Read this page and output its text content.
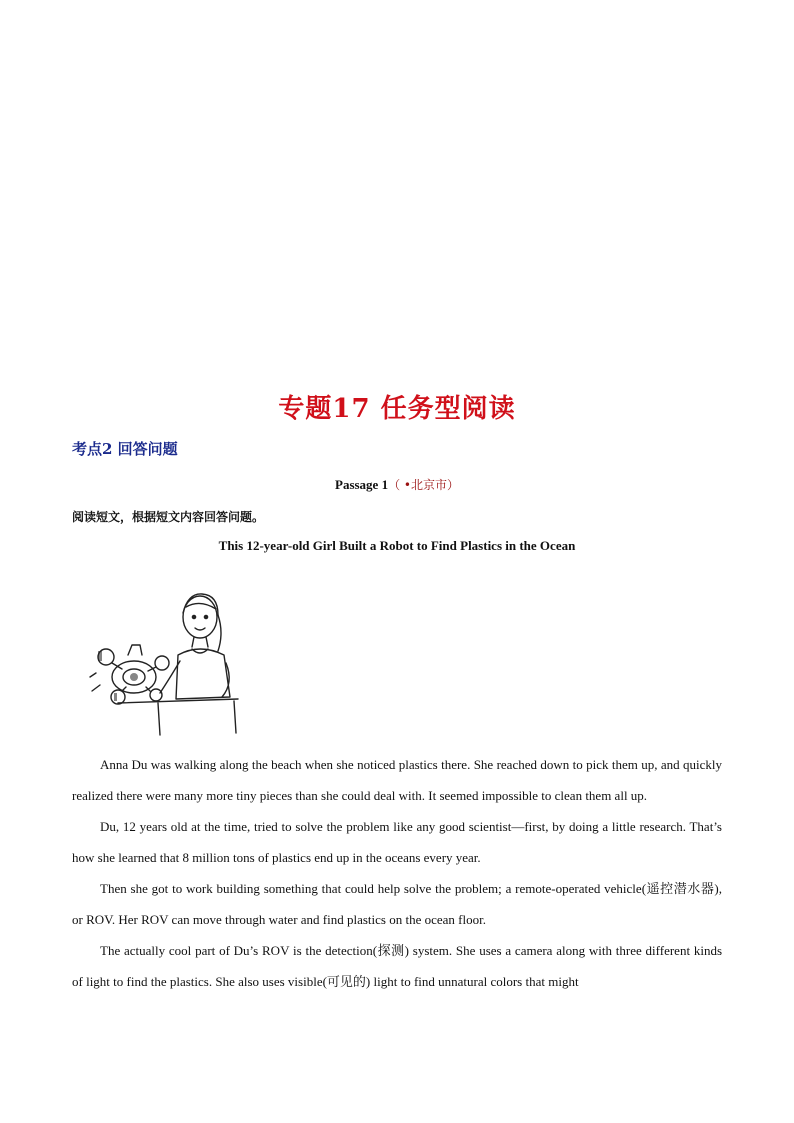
专题17 任务型阅读
考点2 回答问题
Passage 1（ •北京市）

阅读短文，根据短文内容回答问题。

This 12-year-old Girl Built a Robot to Find Plastics in the Ocean

Anna Du was walking along the beach when she noticed plastics there. She reached down to pick them up, and quickly realized there were many more tiny pieces than she could deal with. It seemed impossible to clean them all up.

Du, 12 years old at the time, tried to solve the problem like any good scientist—first, by doing a little research. That’s how she learned that 8 million tons of plastics end up in the oceans every year.

Then she got to work building something that could help solve the problem; a remote-operated vehicle(遥控潜水器), or ROV. Her ROV can move through water and find plastics on the ocean floor.

The actually cool part of Du’s ROV is the detection(探测) system. She uses a camera along with three different kinds of light to find the plastics. She also uses visible(可见的) light to find unnatural colors that might
